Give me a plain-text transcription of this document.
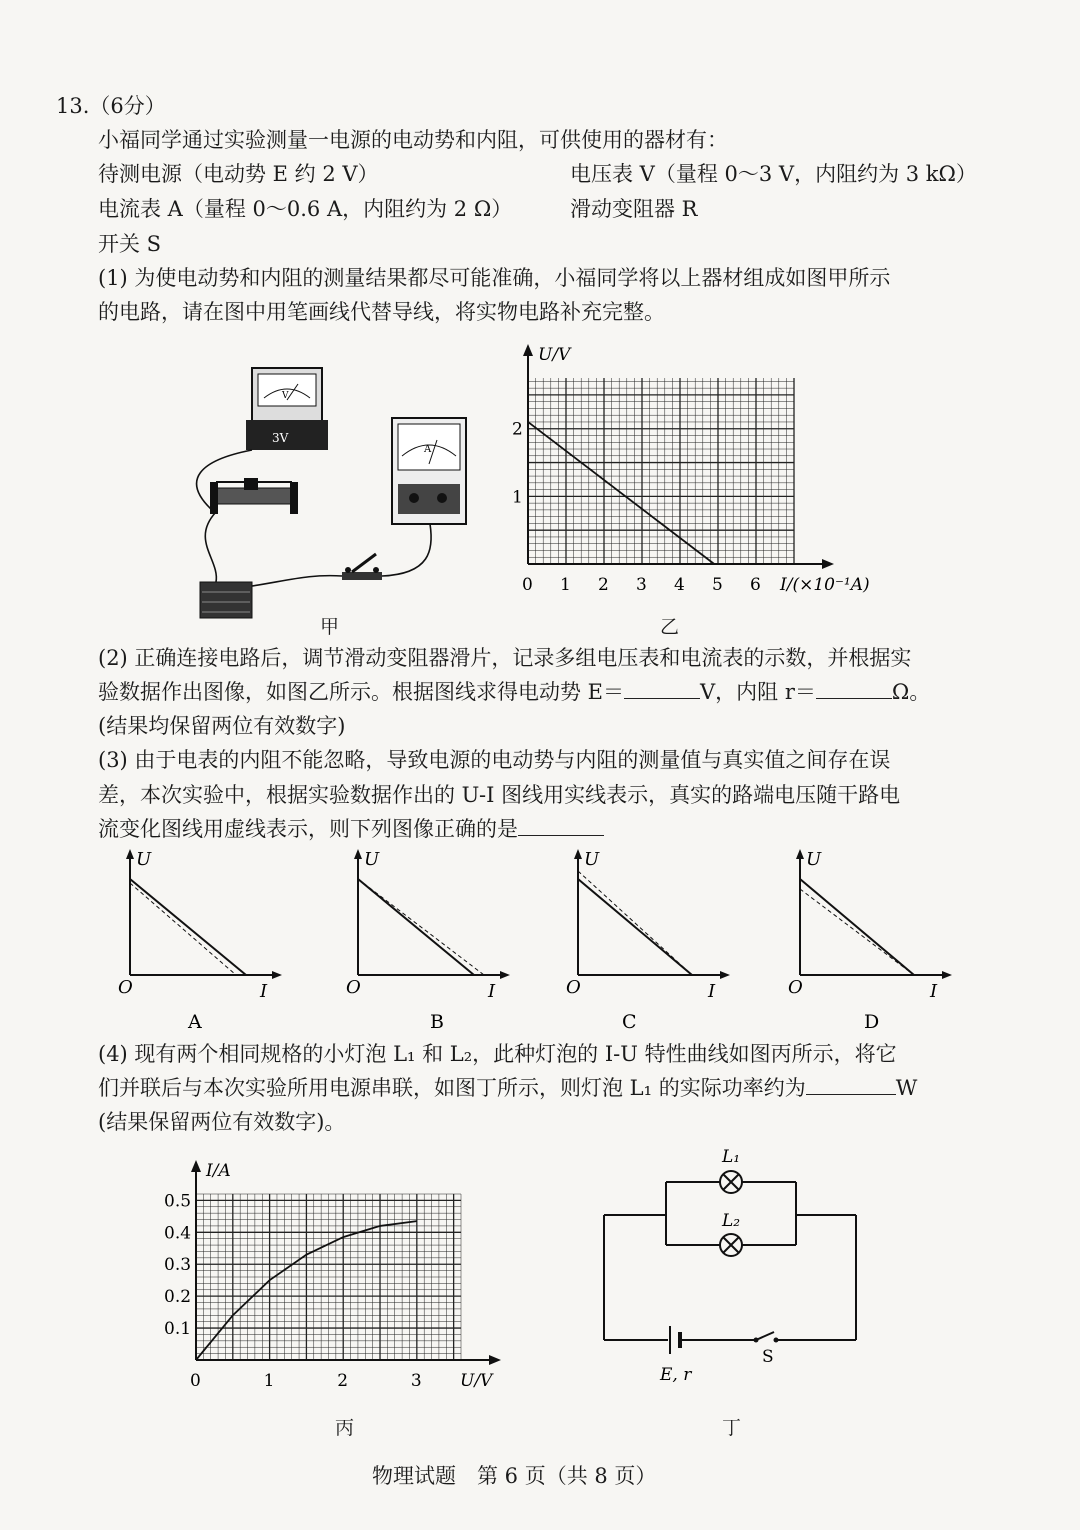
13.（6分）
小福同学通过实验测量一电源的电动势和内阻，可供使用的器材有：
待测电源（电动势 E 约 2 V）	电压表 V（量程 0～3 V，内阻约为 3 kΩ）
电流表 A（量程 0～0.6 A，内阻约为 2 Ω）	滑动变阻器 R
开关 S
(1) 为使电动势和内阻的测量结果都尽可能准确，小福同学将以上器材组成如图甲所示
的电路，请在图中用笔画线代替导线，将实物电路补充完整。
V
3V
A
甲
0 1 2 3 4 5 6
1
2
U/V
I/(×10⁻¹A)
乙
(2) 正确连接电路后，调节滑动变阻器滑片，记录多组电压表和电流表的示数，并根据实
验数据作出图像，如图乙所示。根据图线求得电动势 E＝	V，内阻 r＝	Ω。
(结果均保留两位有效数字)
(3) 由于电表的内阻不能忽略，导致电源的电动势与内阻的测量值与真实值之间存在误
差，本次实验中，根据实验数据作出的 U-I 图线用实线表示，真实的路端电压随干路电
流变化图线用虚线表示，则下列图像正确的是
U
O	I
A
U
O	I
B
U
O	I
C
U
O	I
D
(4) 现有两个相同规格的小灯泡 L₁ 和 L₂，此种灯泡的 I-U 特性曲线如图丙所示，将它
们并联后与本次实验所用电源串联，如图丁所示，则灯泡 L₁ 的实际功率约为	W
(结果保留两位有效数字)。
0	1	2	3
0.1
0.2
0.3
0.4
0.5
I/A
U/V
丙
L₁
L₂
E, r
S
丁
物理试题　第 6 页（共 8 页）
